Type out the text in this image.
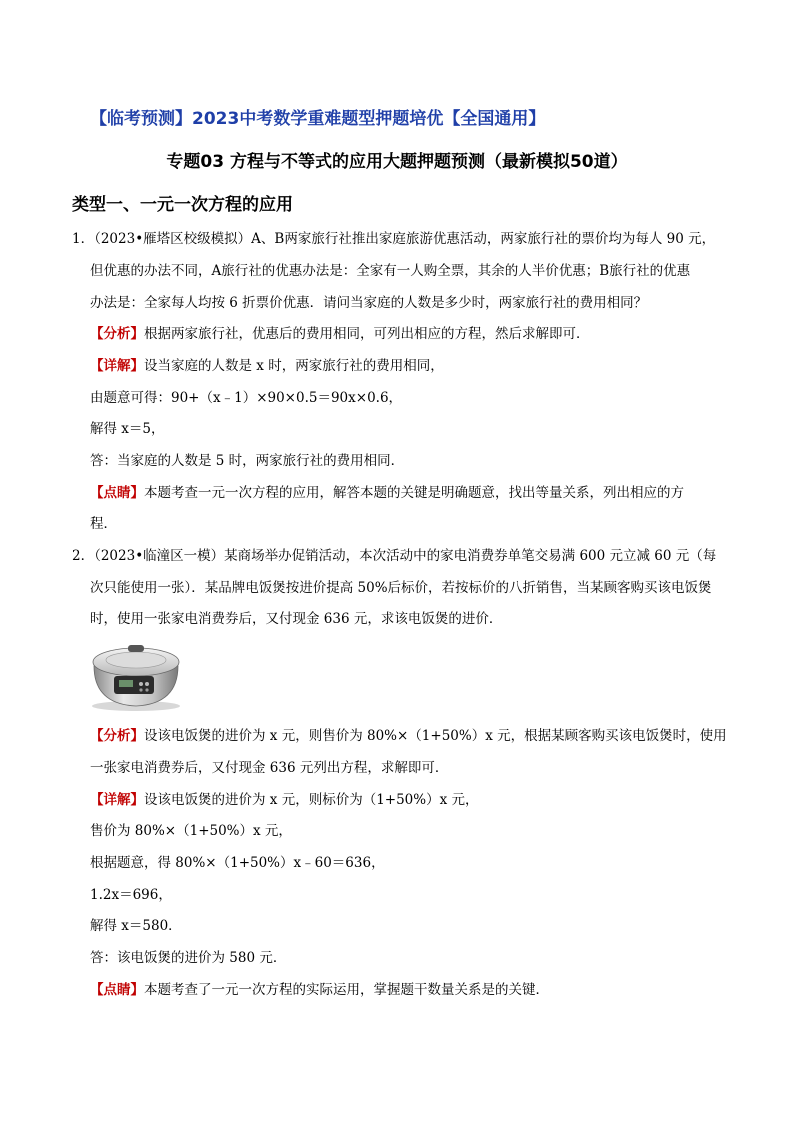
【临考预测】2023中考数学重难题型押题培优【全国通用】
专题03 方程与不等式的应用大题押题预测（最新模拟50道）
类型一、一元一次方程的应用
1．（2023•雁塔区校级模拟）A、B两家旅行社推出家庭旅游优惠活动，两家旅行社的票价均为每人 90 元，
但优惠的办法不同，A旅行社的优惠办法是：全家有一人购全票，其余的人半价优惠；B旅行社的优惠
办法是：全家每人均按 6 折票价优惠．请问当家庭的人数是多少时，两家旅行社的费用相同？
【分析】根据两家旅行社，优惠后的费用相同，可列出相应的方程，然后求解即可．
【详解】设当家庭的人数是 x 时，两家旅行社的费用相同，
由题意可得：90+（x﹣1）×90×0.5＝90x×0.6，
解得 x＝5，
答：当家庭的人数是 5 时，两家旅行社的费用相同．
【点睛】本题考查一元一次方程的应用，解答本题的关键是明确题意，找出等量关系，列出相应的方
程．
2．（2023•临潼区一模）某商场举办促销活动，本次活动中的家电消费券单笔交易满 600 元立减 60 元（每
次只能使用一张）．某品牌电饭煲按进价提高 50%后标价，若按标价的八折销售，当某顾客购买该电饭煲
时，使用一张家电消费券后，又付现金 636 元，求该电饭煲的进价．
【分析】设该电饭煲的进价为 x 元，则售价为 80%×（1+50%）x 元，根据某顾客购买该电饭煲时，使用
一张家电消费券后，又付现金 636 元列出方程，求解即可．
【详解】设该电饭煲的进价为 x 元，则标价为（1+50%）x 元，
售价为 80%×（1+50%）x 元，
根据题意，得 80%×（1+50%）x﹣60＝636，
1.2x＝696，
解得 x＝580．
答：该电饭煲的进价为 580 元．
【点睛】本题考查了一元一次方程的实际运用，掌握题干数量关系是的关键．
